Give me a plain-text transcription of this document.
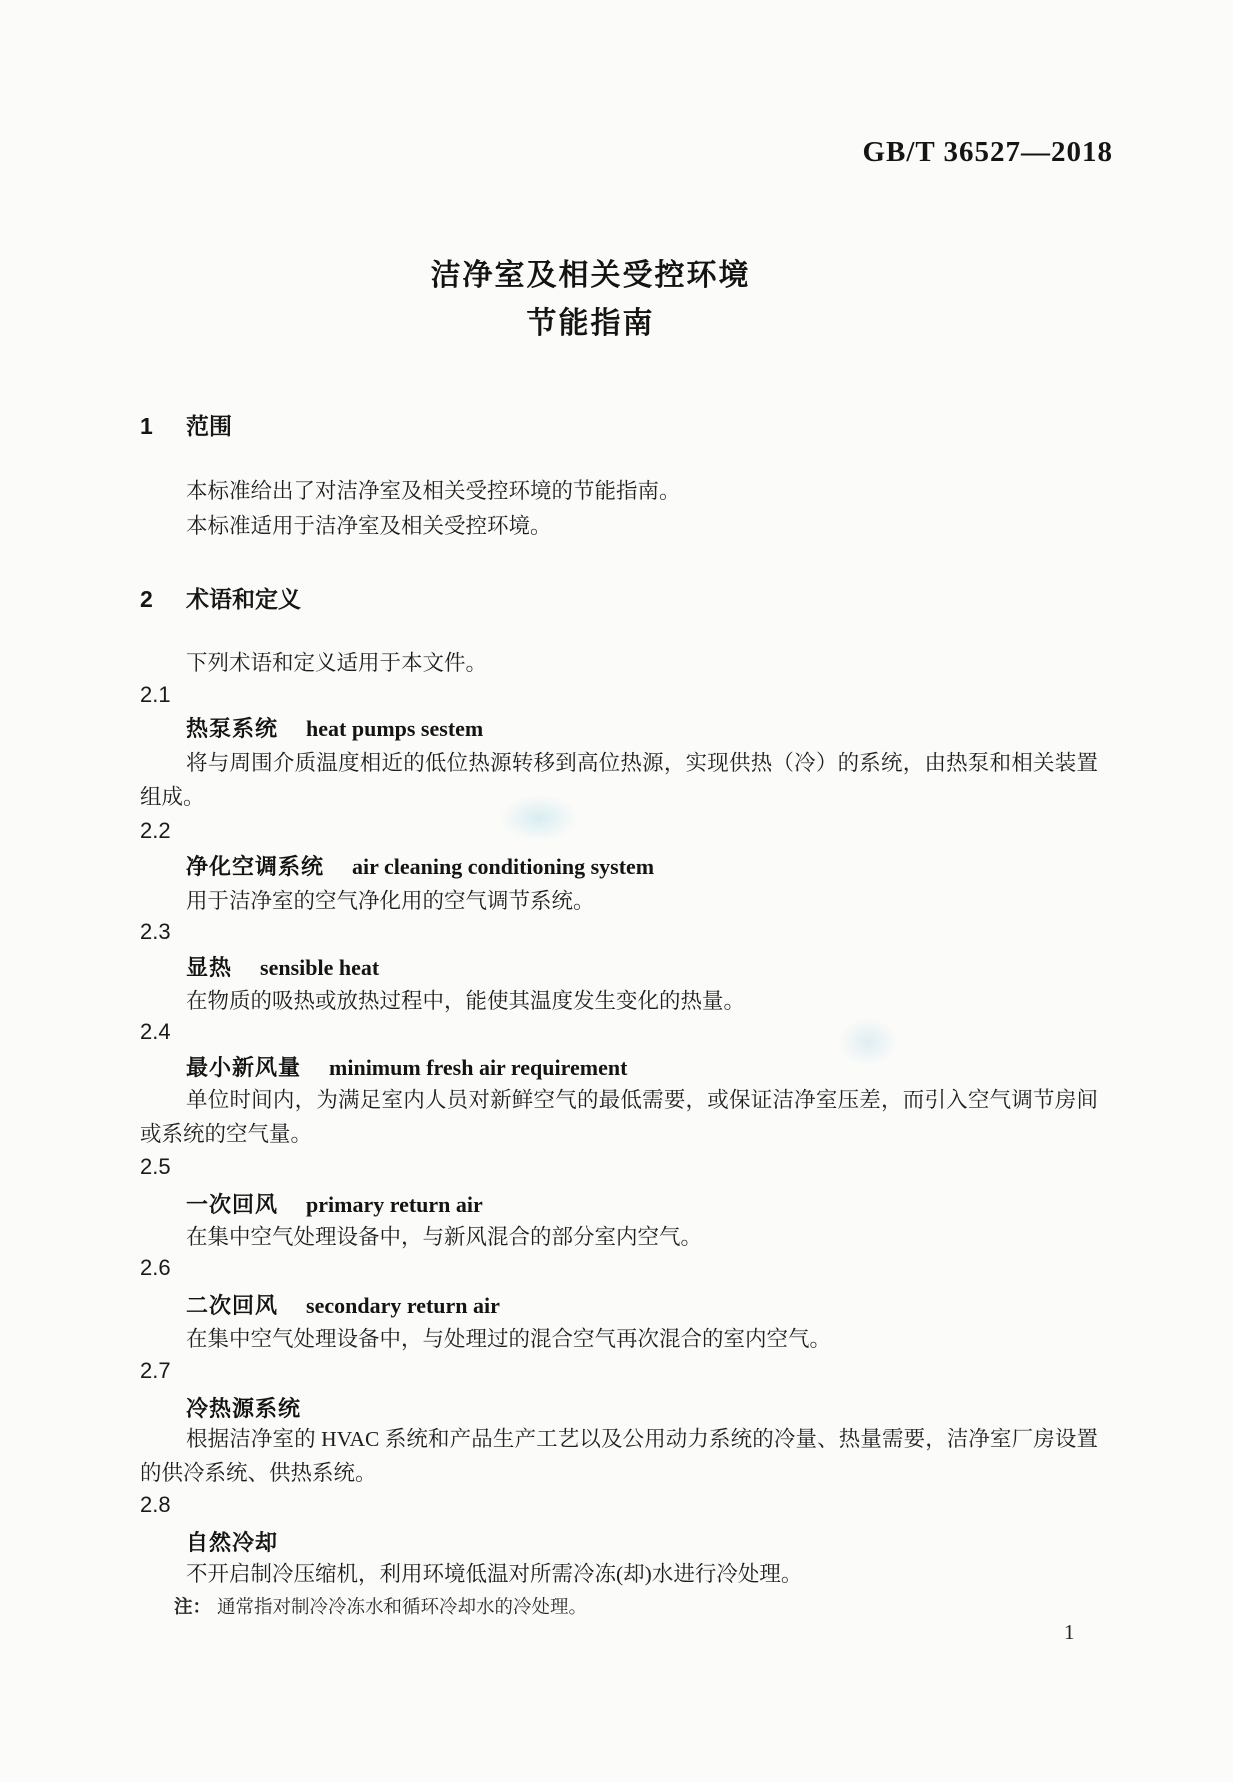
GB/T 36527—2018
洁净室及相关受控环境
节能指南
1 范围
本标准给出了对洁净室及相关受控环境的节能指南。
本标准适用于洁净室及相关受控环境。
2 术语和定义
下列术语和定义适用于本文件。
2.1
热泵系统 heat pumps sestem
将与周围介质温度相近的低位热源转移到高位热源，实现供热（冷）的系统，由热泵和相关装置组成。
2.2
净化空调系统 air cleaning conditioning system
用于洁净室的空气净化用的空气调节系统。
2.3
显热 sensible heat
在物质的吸热或放热过程中，能使其温度发生变化的热量。
2.4
最小新风量 minimum fresh air requirement
单位时间内，为满足室内人员对新鲜空气的最低需要，或保证洁净室压差，而引入空气调节房间或系统的空气量。
2.5
一次回风 primary return air
在集中空气处理设备中，与新风混合的部分室内空气。
2.6
二次回风 secondary return air
在集中空气处理设备中，与处理过的混合空气再次混合的室内空气。
2.7
冷热源系统
根据洁净室的 HVAC 系统和产品生产工艺以及公用动力系统的冷量、热量需要，洁净室厂房设置的供冷系统、供热系统。
2.8
自然冷却
不开启制冷压缩机，利用环境低温对所需冷冻(却)水进行冷处理。
注： 通常指对制冷冷冻水和循环冷却水的冷处理。
1
